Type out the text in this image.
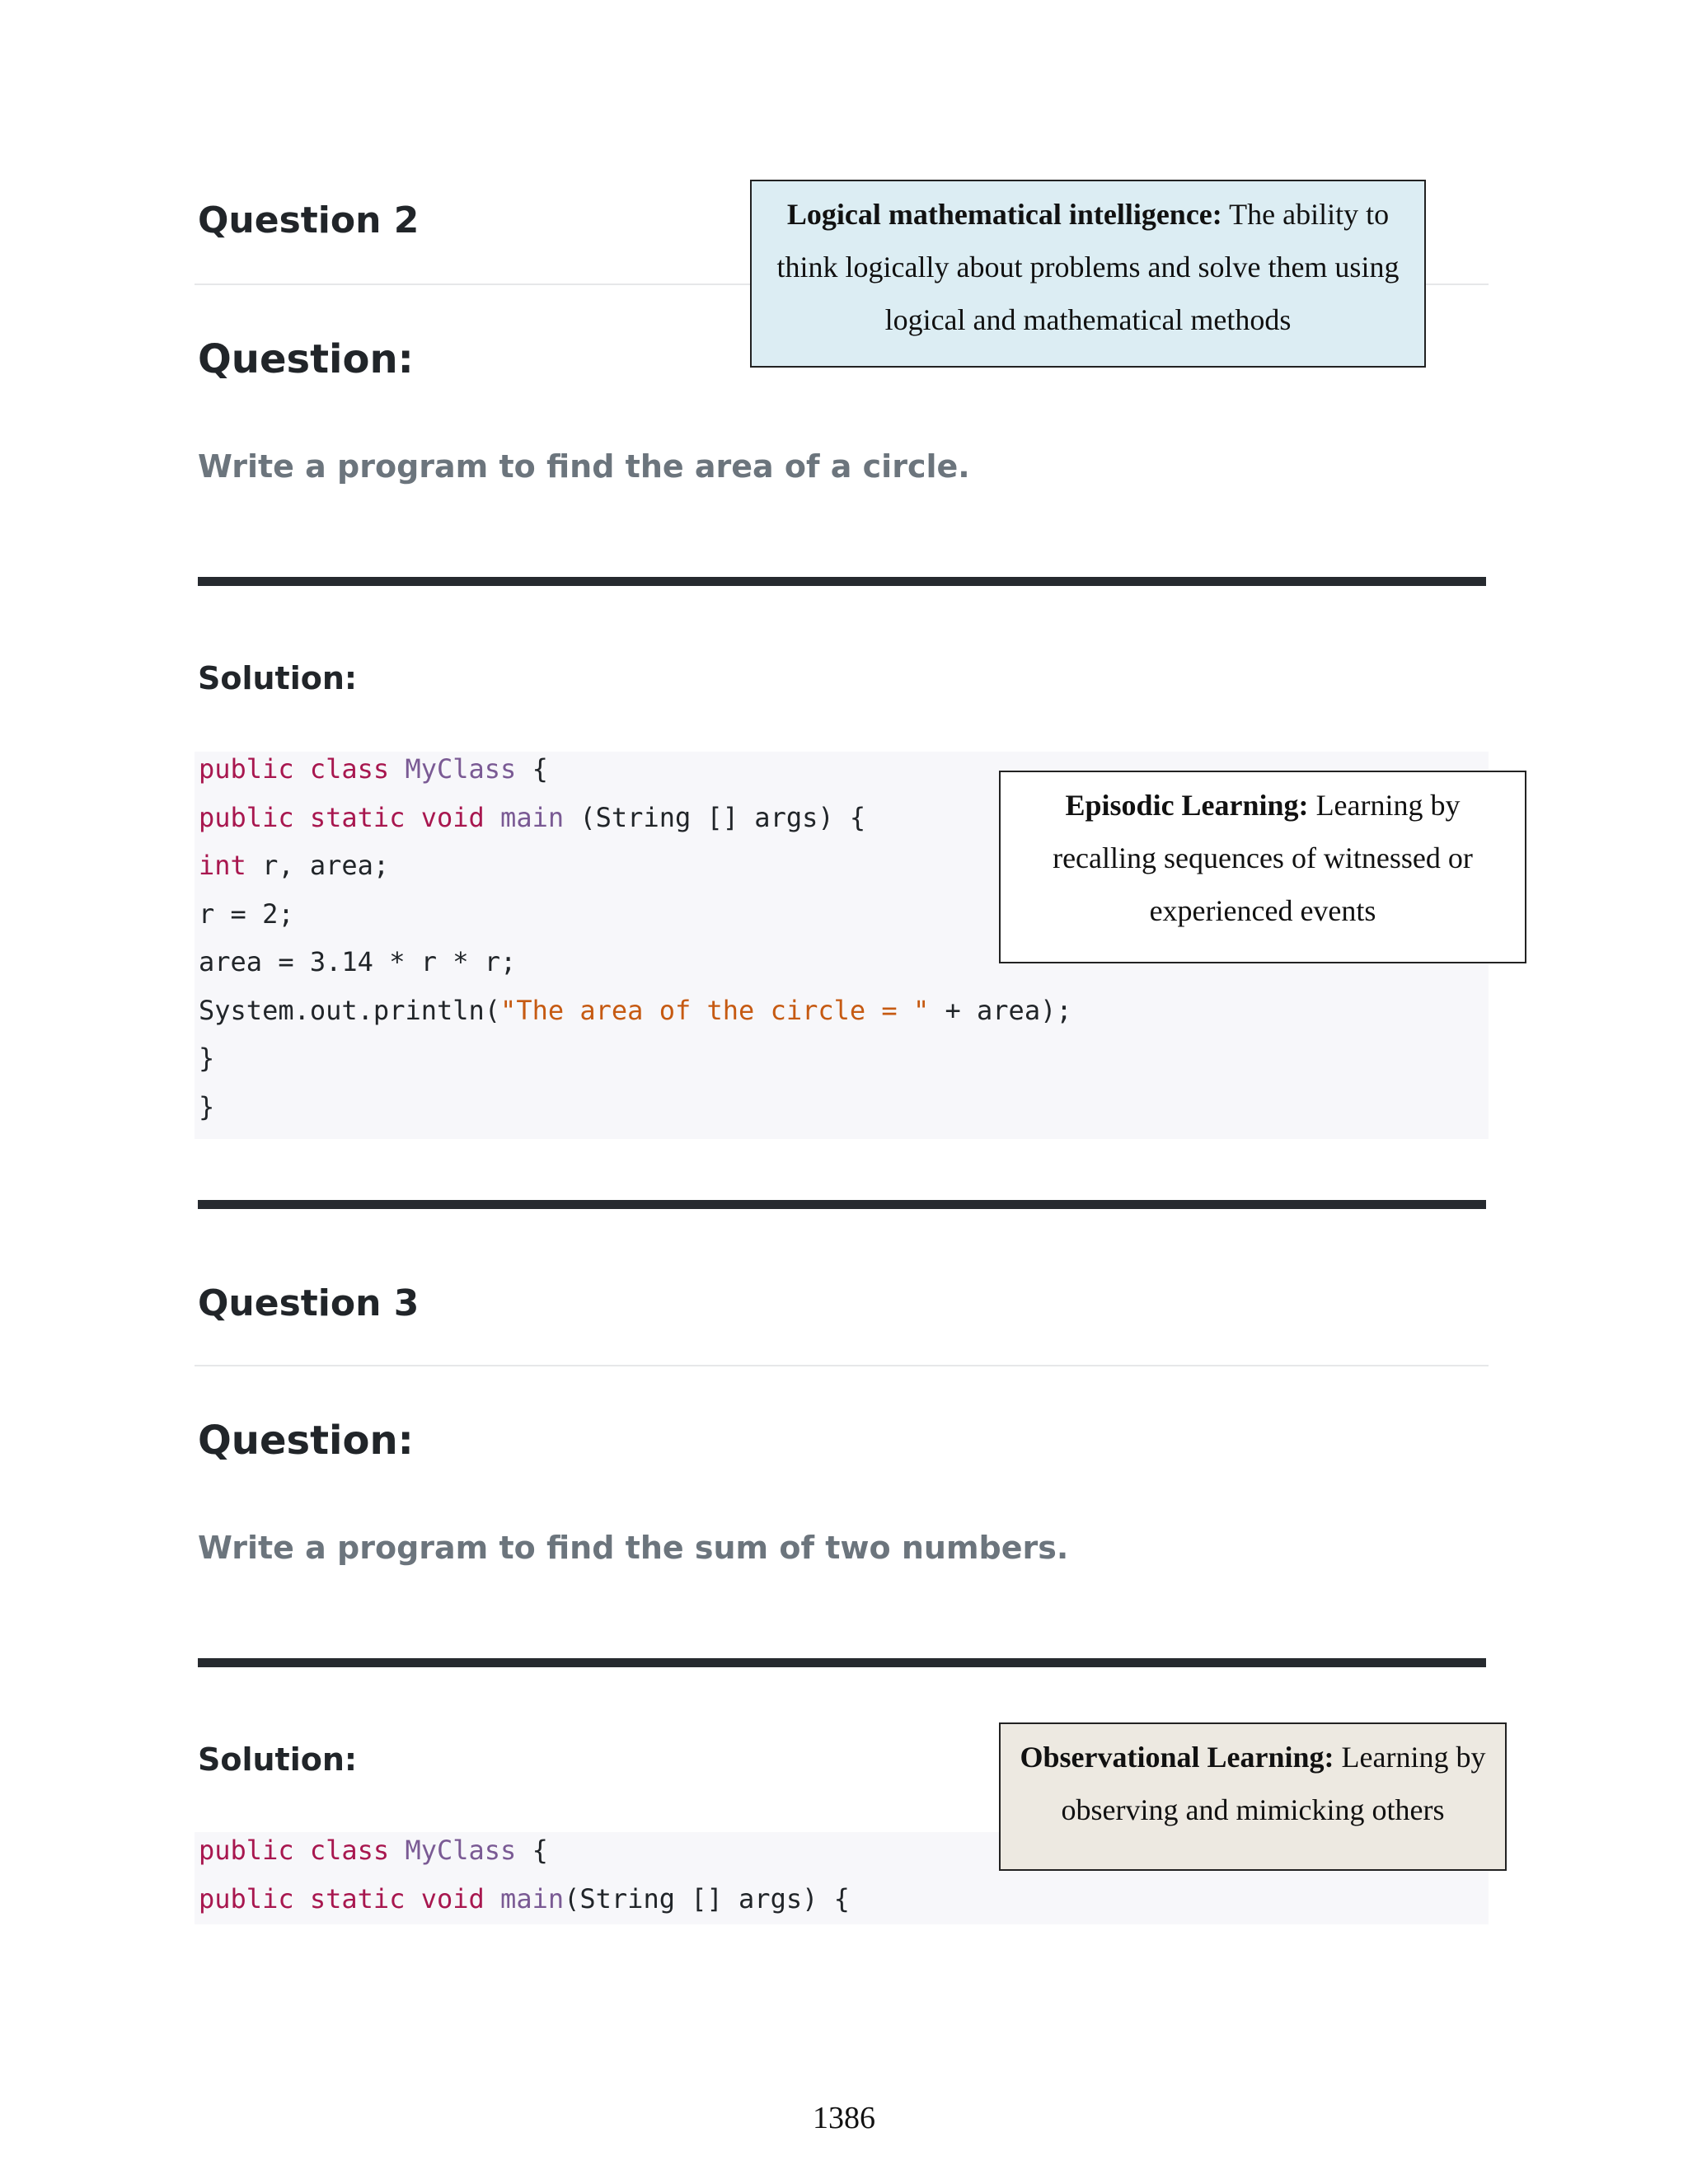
Question 2
Question:

Write a program to find the area of a circle.

Solution:

public class MyClass {
public static void main (String [] args) {
int r, area;
r = 2;
area = 3.14 * r * r;
System.out.println("The area of the circle = " + area);
}
}
Question 3
Question:

Write a program to find the sum of two numbers.

Solution:

public class MyClass {
public static void main(String [] args) {
Logical mathematical intelligence: The ability to think logically about problems and solve them using logical and mathematical methods
Episodic Learning: Learning by recalling sequences of witnessed or experienced events
Observational Learning: Learning by observing and mimicking others
1386
